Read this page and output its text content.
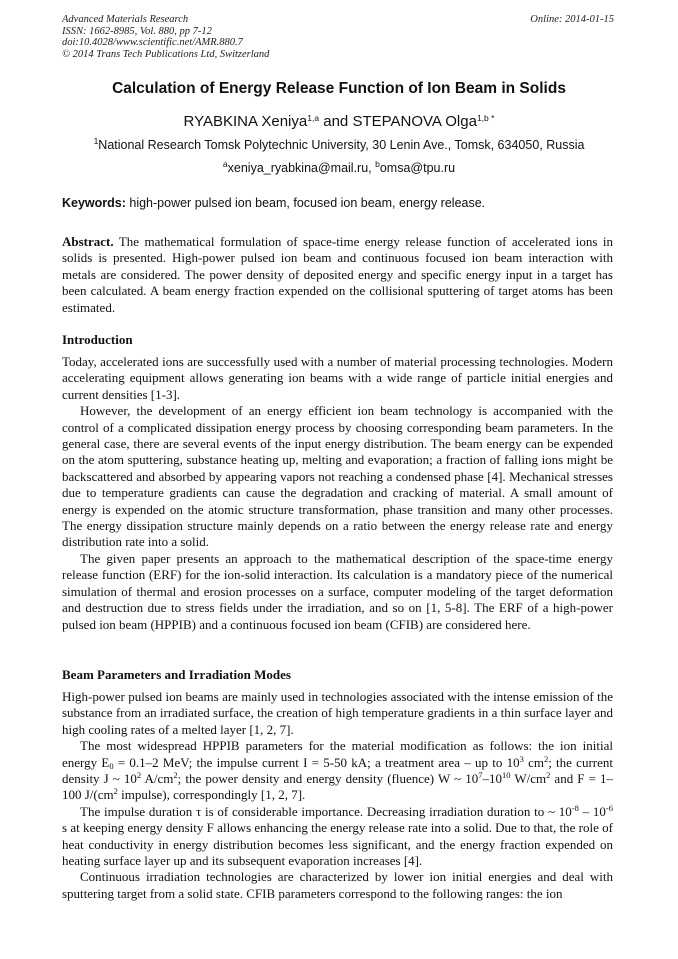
Advanced Materials Research
ISSN: 1662-8985, Vol. 880, pp 7-12
doi:10.4028/www.scientific.net/AMR.880.7
© 2014 Trans Tech Publications Ltd, Switzerland
Online: 2014-01-15
Calculation of Energy Release Function of Ion Beam in Solids
RYABKINA Xeniya$^{1,a}$ and STEPANOVA Olga$^{1,b *}$
$^1$National Research Tomsk Polytechnic University, 30 Lenin Ave., Tomsk, 634050, Russia
$^a$xeniya_ryabkina@mail.ru, $^b$omsa@tpu.ru
Keywords: high-power pulsed ion beam, focused ion beam, energy release.

Abstract. The mathematical formulation of space-time energy release function of accelerated ions in solids is presented. High-power pulsed ion beam and continuous focused ion beam interaction with metals are considered. The power density of deposited energy and specific energy input in a target has been calculated. A beam energy fraction expended on the collisional sputtering of target atoms has been estimated.

Introduction

Today, accelerated ions are successfully used with a number of material processing technologies. Modern accelerating equipment allows generating ion beams with a wide range of particle initial energies and current densities [1-3].

However, the development of an energy efficient ion beam technology is accompanied with the control of a complicated dissipation energy process by choosing corresponding beam parameters. In the general case, there are several events of the input energy distribution. The beam energy can be expended on the atom sputtering, substance heating up, melting and evaporation; a fraction of falling ions might be backscattered and absorbed by appearing vapors not reaching a condensed phase [4]. Mechanical stresses due to temperature gradients can cause the degradation and cracking of material. A small amount of energy is expended on the atomic structure transformation, phase transition and many other processes. The energy dissipation structure mainly depends on a ratio between the energy release rate and energy distribution rate into a solid.

The given paper presents an approach to the mathematical description of the space-time energy release function (ERF) for the ion-solid interaction. Its calculation is a mandatory piece of the numerical simulation of thermal and erosion processes on a surface, computer modeling of the target deformation and destruction due to stress fields under the irradiation, and so on [1, 5-8]. The ERF of a high-power pulsed ion beam (HPPIB) and a continuous focused ion beam (CFIB) are considered here.

Beam Parameters and Irradiation Modes

High-power pulsed ion beams are mainly used in technologies associated with the intense emission of the substance from an irradiated surface, the creation of high temperature gradients in a thin surface layer and high cooling rates of a melted layer [1, 2, 7].

The most widespread HPPIB parameters for the material modification as follows: the ion initial energy $E_0 = 0.1-2$ MeV; the impulse current I = 5-50 kA; a treatment area – up to $10^3$ $cm^2$; the current density J ~ $10^2$ $A/cm^2$; the power density and energy density (fluence) W ~ $10^7-10^{10}$ $W/cm^2$ and F = 1–100 $J/(cm^2$ impulse), correspondingly [1, 2, 7].

The impulse duration τ is of considerable importance. Decreasing irradiation duration to ~ $10^{-8} - 10^{-6}$ s at keeping energy density F allows enhancing the energy release rate into a solid. Due to that, the role of heat conductivity in energy distribution becomes less significant, and the energy fraction expended on heating surface layer up and its subsequent evaporation increases [4].

Continuous irradiation technologies are characterized by lower ion initial energies and deal with sputtering target from a solid state. CFIB parameters correspond to the following ranges: the ion
